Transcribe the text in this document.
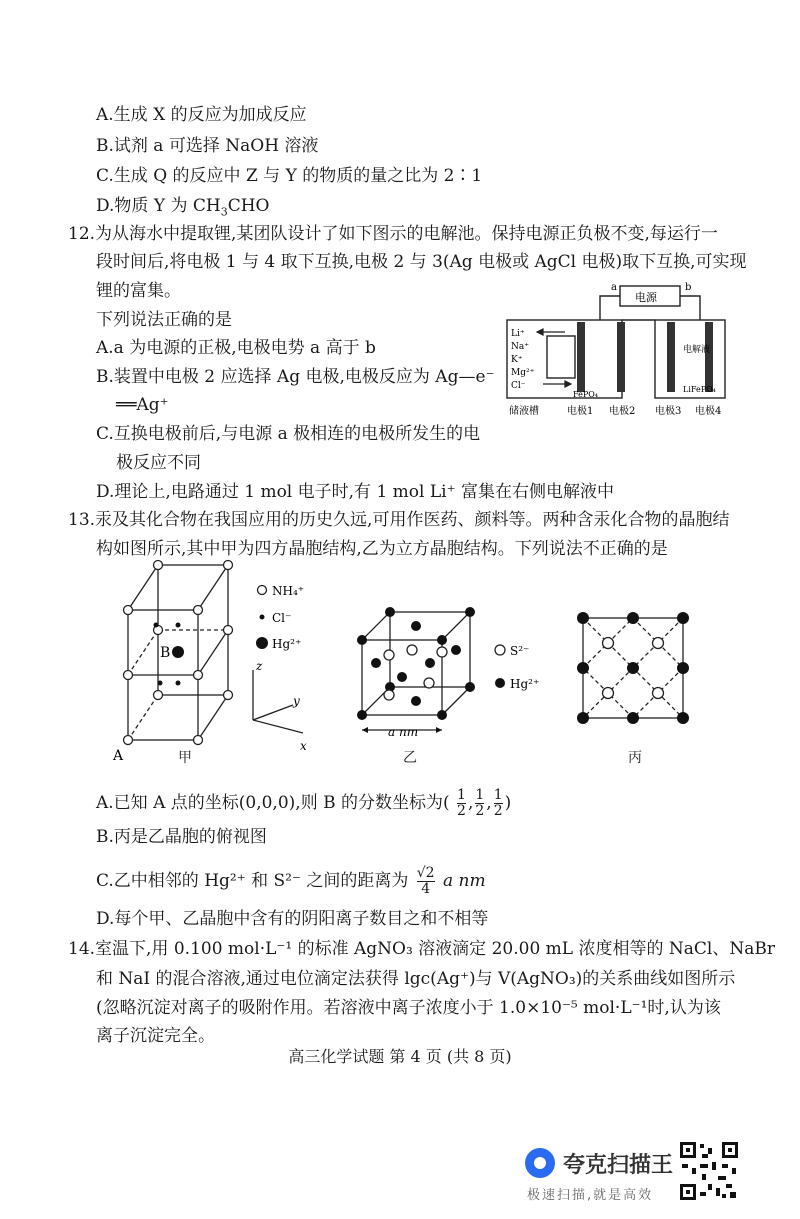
A.生成 X 的反应为加成反应
B.试剂 a 可选择 NaOH 溶液
C.生成 Q 的反应中 Z 与 Y 的物质的量之比为 2∶1
D.物质 Y 为 $CH_3CHO$
12.为从海水中提取锂,某团队设计了如下图示的电解池。保持电源正负极不变,每运行一
段时间后,将电极 1 与 4 取下互换,电极 2 与 3(Ag 电极或 AgCl 电极)取下互换,可实现
锂的富集。
下列说法正确的是
A.a 为电源的正极,电极电势 a 高于 b
B.装置中电极 2 应选择 Ag 电极,电极反应为 Ag—e⁻
══Ag⁺
C.互换电极前后,与电源 a 极相连的电极所发生的电
极反应不同
D.理论上,电路通过 1 mol 电子时,有 1 mol Li⁺ 富集在右侧电解液中
电源
a	b
Li⁺
Na⁺
K⁺
Mg²⁺
Cl⁻
FePO₄
电解液
LiFePO₄
储液槽	电极1 电极2 电极3 电极4
13.汞及其化合物在我国应用的历史久远,可用作医药、颜料等。两种含汞化合物的晶胞结
构如图所示,其中甲为四方晶胞结构,乙为立方晶胞结构。下列说法不正确的是
A
B
z
y
x
NH₄⁺
Cl⁻
Hg²⁺
甲
a nm
S²⁻
Hg²⁺
乙	丙
A.已知 A 点的坐标(0,0,0),则 B 的分数坐标为( $\frac{1}{2}$ , $\frac{1}{2}$ , $\frac{1}{2}$ )
B.丙是乙晶胞的俯视图
C.乙中相邻的 Hg²⁺ 和 S²⁻ 之间的距离为 $\frac{√2}{4}$ a nm
D.每个甲、乙晶胞中含有的阴阳离子数目之和不相等
14.室温下,用 0.100 mol·L⁻¹ 的标准 AgNO₃ 溶液滴定 20.00 mL 浓度相等的 NaCl、NaBr
和 NaI 的混合溶液,通过电位滴定法获得 lgc(Ag⁺)与 V(AgNO₃)的关系曲线如图所示
(忽略沉淀对离子的吸附作用。若溶液中离子浓度小于 1.0×10⁻⁵ mol·L⁻¹时,认为该
离子沉淀完全。
高三化学试题 第 4 页 (共 8 页)
夸克扫描王
极速扫描,就是高效
